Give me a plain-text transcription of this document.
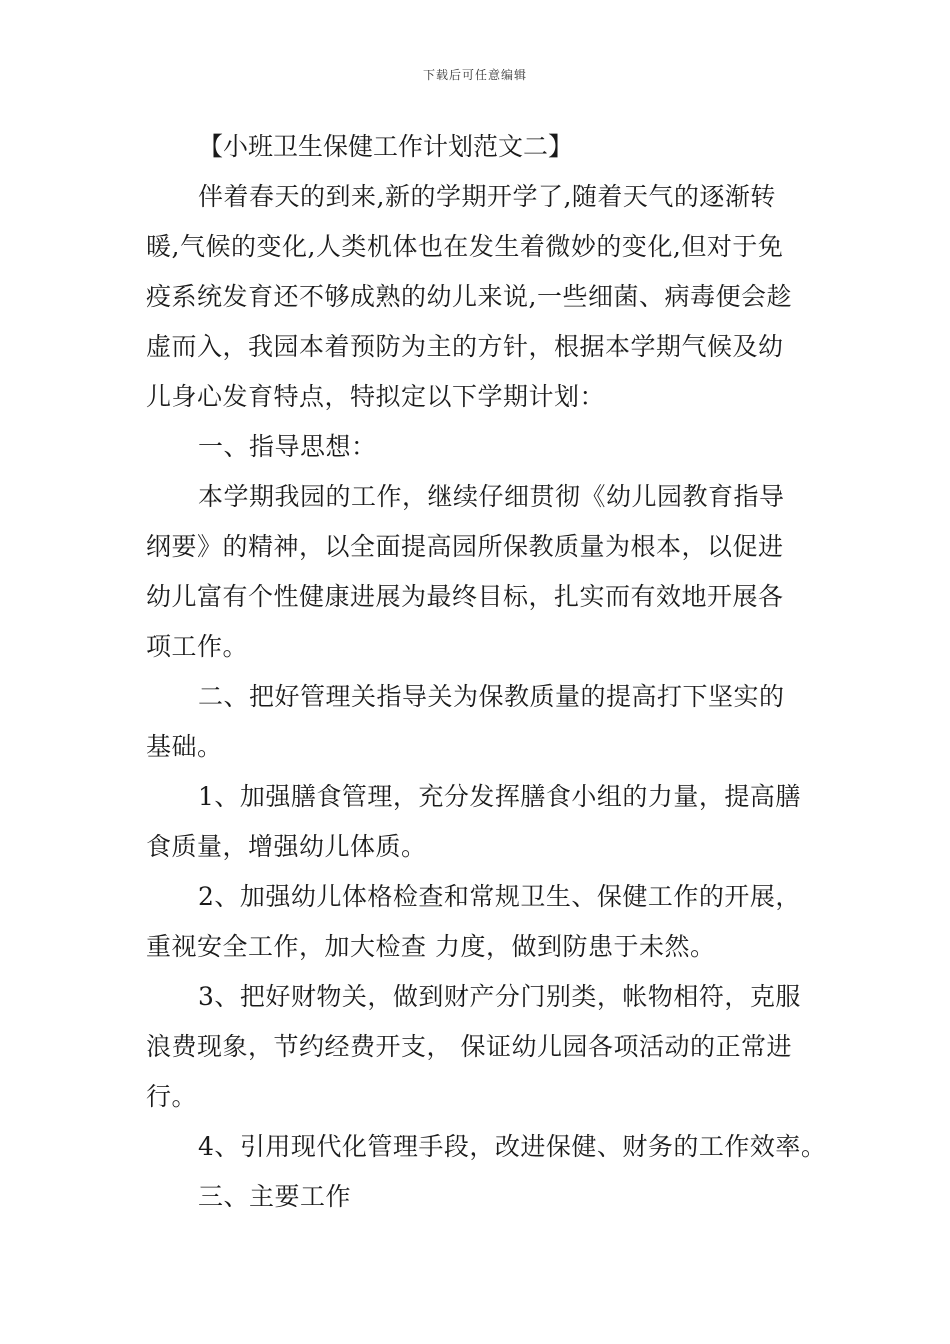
下载后可任意编辑
【小班卫生保健工作计划范文二】
伴着春天的到来,新的学期开学了,随着天气的逐渐转
暖,气候的变化,人类机体也在发生着微妙的变化,但对于免
疫系统发育还不够成熟的幼儿来说,一些细菌、病毒便会趁
虚而入，我园本着预防为主的方针，根据本学期气候及幼
儿身心发育特点，特拟定以下学期计划：
一、指导思想：
本学期我园的工作，继续仔细贯彻《幼儿园教育指导
纲要》的精神，以全面提高园所保教质量为根本，以促进
幼儿富有个性健康进展为最终目标，扎实而有效地开展各
项工作。
二、把好管理关指导关为保教质量的提高打下坚实的
基础。
1、加强膳食管理，充分发挥膳食小组的力量，提高膳
食质量，增强幼儿体质。
2、加强幼儿体格检查和常规卫生、保健工作的开展，
重视安全工作，加大检查 力度，做到防患于未然。
3、把好财物关，做到财产分门别类，帐物相符，克服
浪费现象，节约经费开支， 保证幼儿园各项活动的正常进
行。
4、引用现代化管理手段，改进保健、财务的工作效率。
三、主要工作
